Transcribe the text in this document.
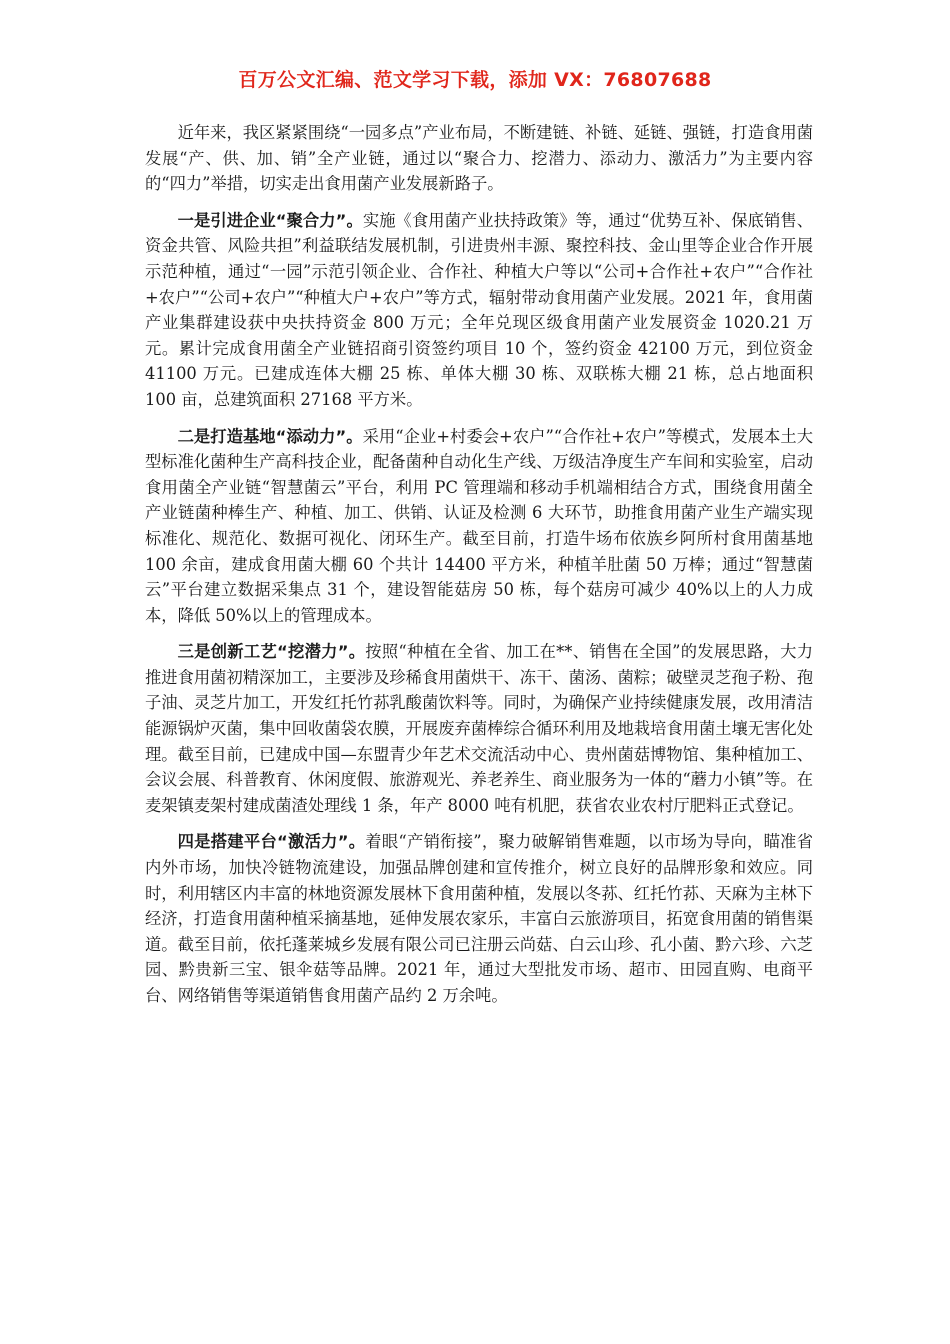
百万公文汇编、范文学习下载，添加 VX：76807688

近年来，我区紧紧围绕“一园多点”产业布局，不断建链、补链、延链、强链，打造食用菌发展“产、供、加、销”全产业链，通过以“聚合力、挖潜力、添动力、激活力”为主要内容的“四力”举措，切实走出食用菌产业发展新路子。

一是引进企业“聚合力”。实施《食用菌产业扶持政策》等，通过“优势互补、保底销售、资金共管、风险共担”利益联结发展机制，引进贵州丰源、聚控科技、金山里等企业合作开展示范种植，通过“一园”示范引领企业、合作社、种植大户等以“公司+合作社+农户”“合作社+农户”“公司+农户”“种植大户+农户”等方式，辐射带动食用菌产业发展。2021 年，食用菌产业集群建设获中央扶持资金 800 万元；全年兑现区级食用菌产业发展资金 1020.21 万元。累计完成食用菌全产业链招商引资签约项目 10 个，签约资金 42100 万元，到位资金 41100 万元。已建成连体大棚 25 栋、单体大棚 30 栋、双联栋大棚 21 栋，总占地面积 100 亩，总建筑面积 27168 平方米。

二是打造基地“添动力”。采用“企业+村委会+农户”“合作社+农户”等模式，发展本土大型标准化菌种生产高科技企业，配备菌种自动化生产线、万级洁净度生产车间和实验室，启动食用菌全产业链“智慧菌云”平台，利用 PC 管理端和移动手机端相结合方式，围绕食用菌全产业链菌种棒生产、种植、加工、供销、认证及检测 6 大环节，助推食用菌产业生产端实现标准化、规范化、数据可视化、闭环生产。截至目前，打造牛场布依族乡阿所村食用菌基地 100 余亩，建成食用菌大棚 60 个共计 14400 平方米，种植羊肚菌 50 万棒；通过“智慧菌云”平台建立数据采集点 31 个，建设智能菇房 50 栋，每个菇房可减少 40%以上的人力成本，降低 50%以上的管理成本。

三是创新工艺“挖潜力”。按照“种植在全省、加工在**、销售在全国”的发展思路，大力推进食用菌初精深加工，主要涉及珍稀食用菌烘干、冻干、菌汤、菌粽；破壁灵芝孢子粉、孢子油、灵芝片加工，开发红托竹荪乳酸菌饮料等。同时，为确保产业持续健康发展，改用清洁能源锅炉灭菌，集中回收菌袋农膜，开展废弃菌棒综合循环利用及地栽培食用菌土壤无害化处理。截至目前，已建成中国—东盟青少年艺术交流活动中心、贵州菌菇博物馆、集种植加工、会议会展、科普教育、休闲度假、旅游观光、养老养生、商业服务为一体的“蘑力小镇”等。在麦架镇麦架村建成菌渣处理线 1 条，年产 8000 吨有机肥，获省农业农村厅肥料正式登记。

四是搭建平台“激活力”。着眼“产销衔接”，聚力破解销售难题，以市场为导向，瞄准省内外市场，加快冷链物流建设，加强品牌创建和宣传推介，树立良好的品牌形象和效应。同时，利用辖区内丰富的林地资源发展林下食用菌种植，发展以冬荪、红托竹荪、天麻为主林下经济，打造食用菌种植采摘基地，延伸发展农家乐，丰富白云旅游项目，拓宽食用菌的销售渠道。截至目前，依托蓬莱城乡发展有限公司已注册云尚菇、白云山珍、孔小菌、黔六珍、六芝园、黔贵新三宝、银伞菇等品牌。2021 年，通过大型批发市场、超市、田园直购、电商平台、网络销售等渠道销售食用菌产品约 2 万余吨。
